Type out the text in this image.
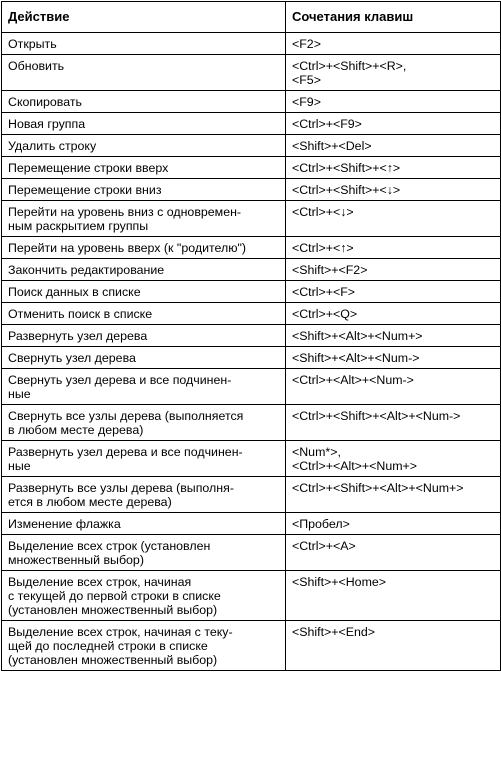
Действие	Сочетания клавиш
Открыть	<F2>
Обновить	<Ctrl>+<Shift>+<R>,
<F5>
Скопировать	<F9>
Новая группа	<Ctrl>+<F9>
Удалить строку	<Shift>+<Del>
Перемещение строки вверх	<Ctrl>+<Shift>+<↑>
Перемещение строки вниз	<Ctrl>+<Shift>+<↓>
Перейти на уровень вниз с одновремен-
ным раскрытием группы	<Ctrl>+<↓>
Перейти на уровень вверх (к "родителю")	<Ctrl>+<↑>
Закончить редактирование	<Shift>+<F2>
Поиск данных в списке	<Ctrl>+<F>
Отменить поиск в списке	<Ctrl>+<Q>
Развернуть узел дерева	<Shift>+<Alt>+<Num+>
Свернуть узел дерева	<Shift>+<Alt>+<Num->
Свернуть узел дерева и все подчинен-
ные	<Ctrl>+<Alt>+<Num->
Свернуть все узлы дерева (выполняется
в любом месте дерева)	<Ctrl>+<Shift>+<Alt>+<Num->
Развернуть узел дерева и все подчинен-
ные	<Num*>,
<Ctrl>+<Alt>+<Num+>
Развернуть все узлы дерева (выполня-
ется в любом месте дерева)	<Ctrl>+<Shift>+<Alt>+<Num+>
Изменение флажка	<Пробел>
Выделение всех строк (установлен
множественный выбор)	<Ctrl>+<A>
Выделение всех строк, начиная
с текущей до первой строки в списке
(установлен множественный выбор)	<Shift>+<Home>
Выделение всех строк, начиная с теку-
щей до последней строки в списке
(установлен множественный выбор)	<Shift>+<End>
